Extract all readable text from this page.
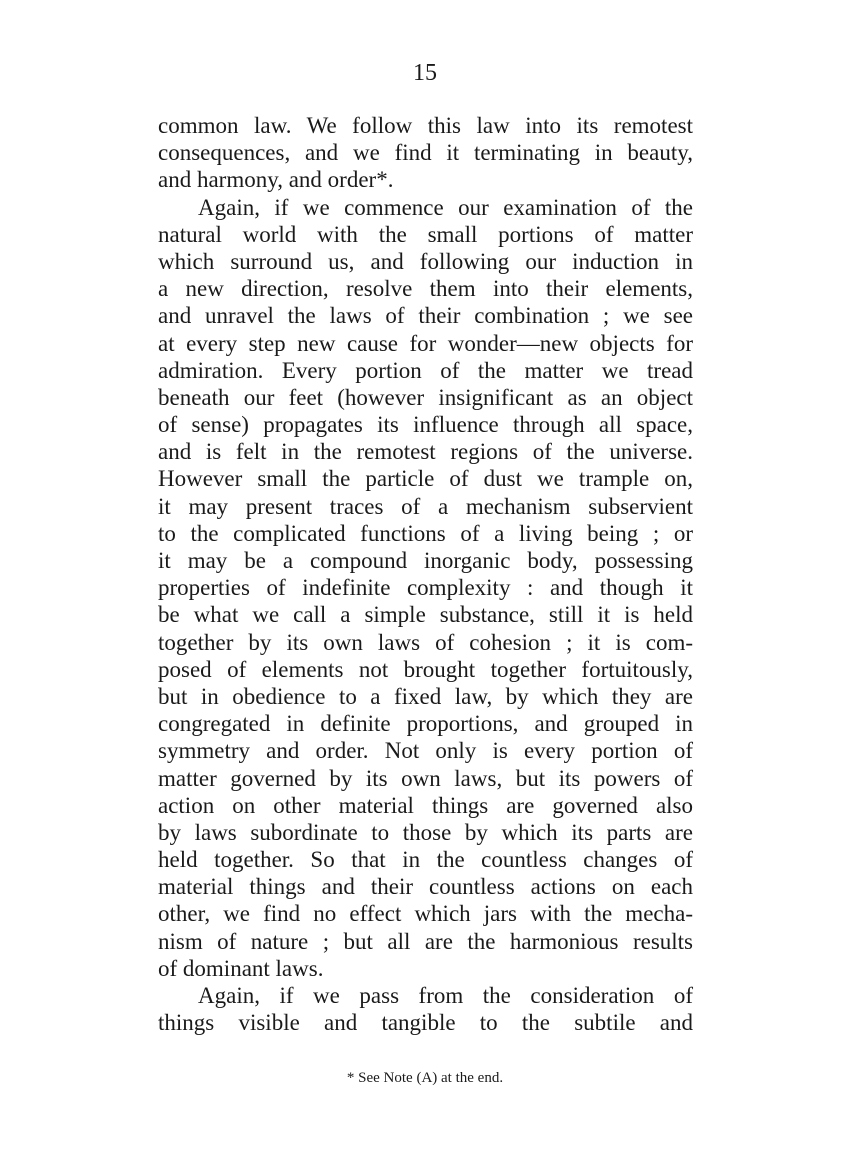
15
common law. We follow this law into its remotest
consequences, and we find it terminating in beauty,
and harmony, and order*.
Again, if we commence our examination of the
natural world with the small portions of matter
which surround us, and following our induction in
a new direction, resolve them into their elements,
and unravel the laws of their combination ; we see
at every step new cause for wonder—new objects for
admiration. Every portion of the matter we tread
beneath our feet (however insignificant as an object
of sense) propagates its influence through all space,
and is felt in the remotest regions of the universe.
However small the particle of dust we trample on,
it may present traces of a mechanism subservient
to the complicated functions of a living being ; or
it may be a compound inorganic body, possessing
properties of indefinite complexity : and though it
be what we call a simple substance, still it is held
together by its own laws of cohesion ; it is com-
posed of elements not brought together fortuitously,
but in obedience to a fixed law, by which they are
congregated in definite proportions, and grouped in
symmetry and order. Not only is every portion of
matter governed by its own laws, but its powers of
action on other material things are governed also
by laws subordinate to those by which its parts are
held together. So that in the countless changes of
material things and their countless actions on each
other, we find no effect which jars with the mecha-
nism of nature ; but all are the harmonious results
of dominant laws.
Again, if we pass from the consideration of
things visible and tangible to the subtile and
* See Note (A) at the end.
